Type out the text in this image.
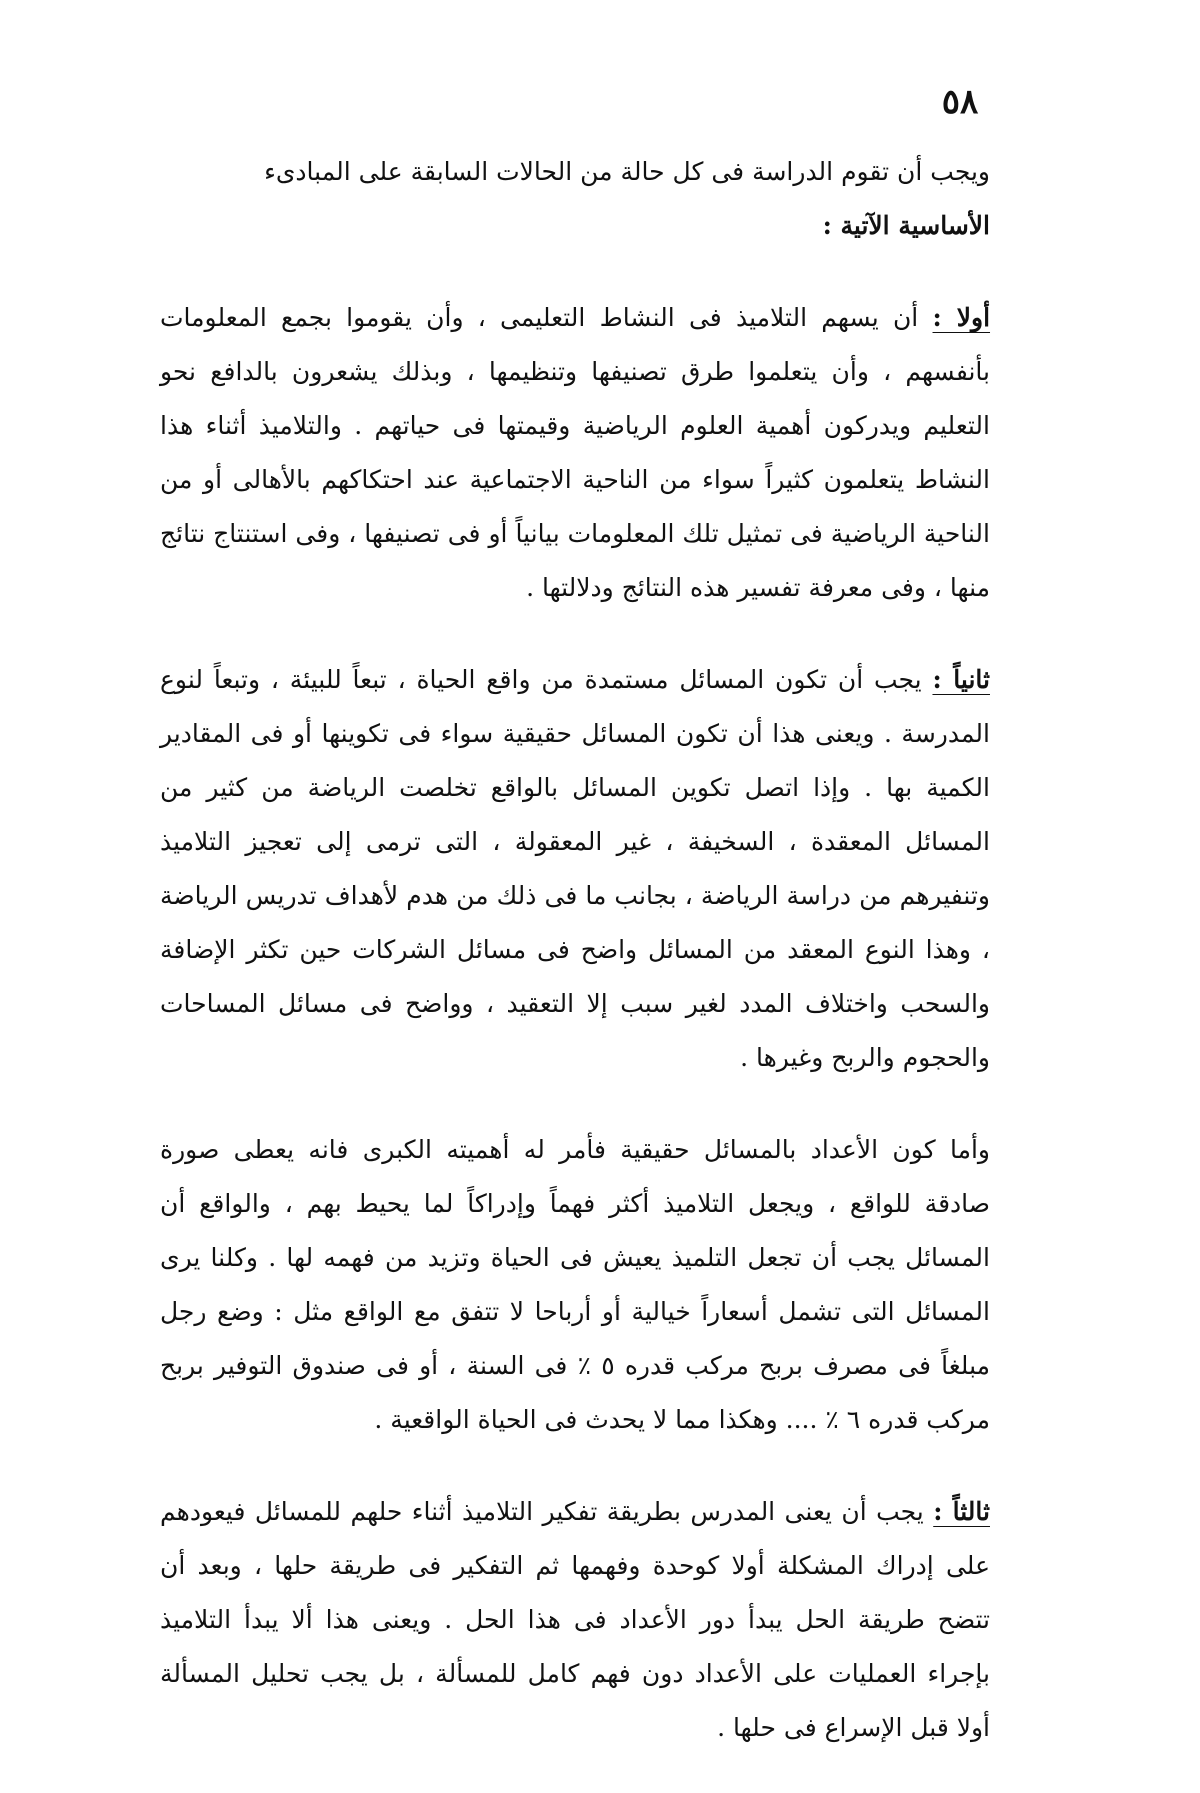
٥٨

ويجب أن تقوم الدراسة فى كل حالة من الحالات السابقة على المبادىء
الأساسية الآتية :

أولا : أن يسهم التلاميذ فى النشاط التعليمى ، وأن يقوموا بجمع المعلومات بأنفسهم ، وأن يتعلموا طرق تصنيفها وتنظيمها ، وبذلك يشعرون بالدافع نحو التعليم ويدركون أهمية العلوم الرياضية وقيمتها فى حياتهم . والتلاميذ أثناء هذا النشاط يتعلمون كثيراً سواء من الناحية الاجتماعية عند احتكاكهم بالأهالى أو من الناحية الرياضية فى تمثيل تلك المعلومات بيانياً أو فى تصنيفها ، وفى استنتاج نتائج منها ، وفى معرفة تفسير هذه النتائج ودلالتها .

ثانياً : يجب أن تكون المسائل مستمدة من واقع الحياة ، تبعاً للبيئة ، وتبعاً لنوع المدرسة . ويعنى هذا أن تكون المسائل حقيقية سواء فى تكوينها أو فى المقادير الكمية بها . وإذا اتصل تكوين المسائل بالواقع تخلصت الرياضة من كثير من المسائل المعقدة ، السخيفة ، غير المعقولة ، التى ترمى إلى تعجيز التلاميذ وتنفيرهم من دراسة الرياضة ، بجانب ما فى ذلك من هدم لأهداف تدريس الرياضة ، وهذا النوع المعقد من المسائل واضح فى مسائل الشركات حين تكثر الإضافة والسحب واختلاف المدد لغير سبب إلا التعقيد ، وواضح فى مسائل المساحات والحجوم والربح وغيرها .

وأما كون الأعداد بالمسائل حقيقية فأمر له أهميته الكبرى فانه يعطى صورة صادقة للواقع ، ويجعل التلاميذ أكثر فهماً وإدراكاً لما يحيط بهم ، والواقع أن المسائل يجب أن تجعل التلميذ يعيش فى الحياة وتزيد من فهمه لها . وكلنا يرى المسائل التى تشمل أسعاراً خيالية أو أرباحا لا تتفق مع الواقع مثل : وضع رجل مبلغاً فى مصرف بربح مركب قدره ٥ ٪ فى السنة ، أو فى صندوق التوفير بربح مركب قدره ٦ ٪ .... وهكذا مما لا يحدث فى الحياة الواقعية .

ثالثاً : يجب أن يعنى المدرس بطريقة تفكير التلاميذ أثناء حلهم للمسائل فيعودهم على إدراك المشكلة أولا كوحدة وفهمها ثم التفكير فى طريقة حلها ، وبعد أن تتضح طريقة الحل يبدأ دور الأعداد فى هذا الحل . ويعنى هذا ألا يبدأ التلاميذ بإجراء العمليات على الأعداد دون فهم كامل للمسألة ، بل يجب تحليل المسألة أولا قبل الإسراع فى حلها .
